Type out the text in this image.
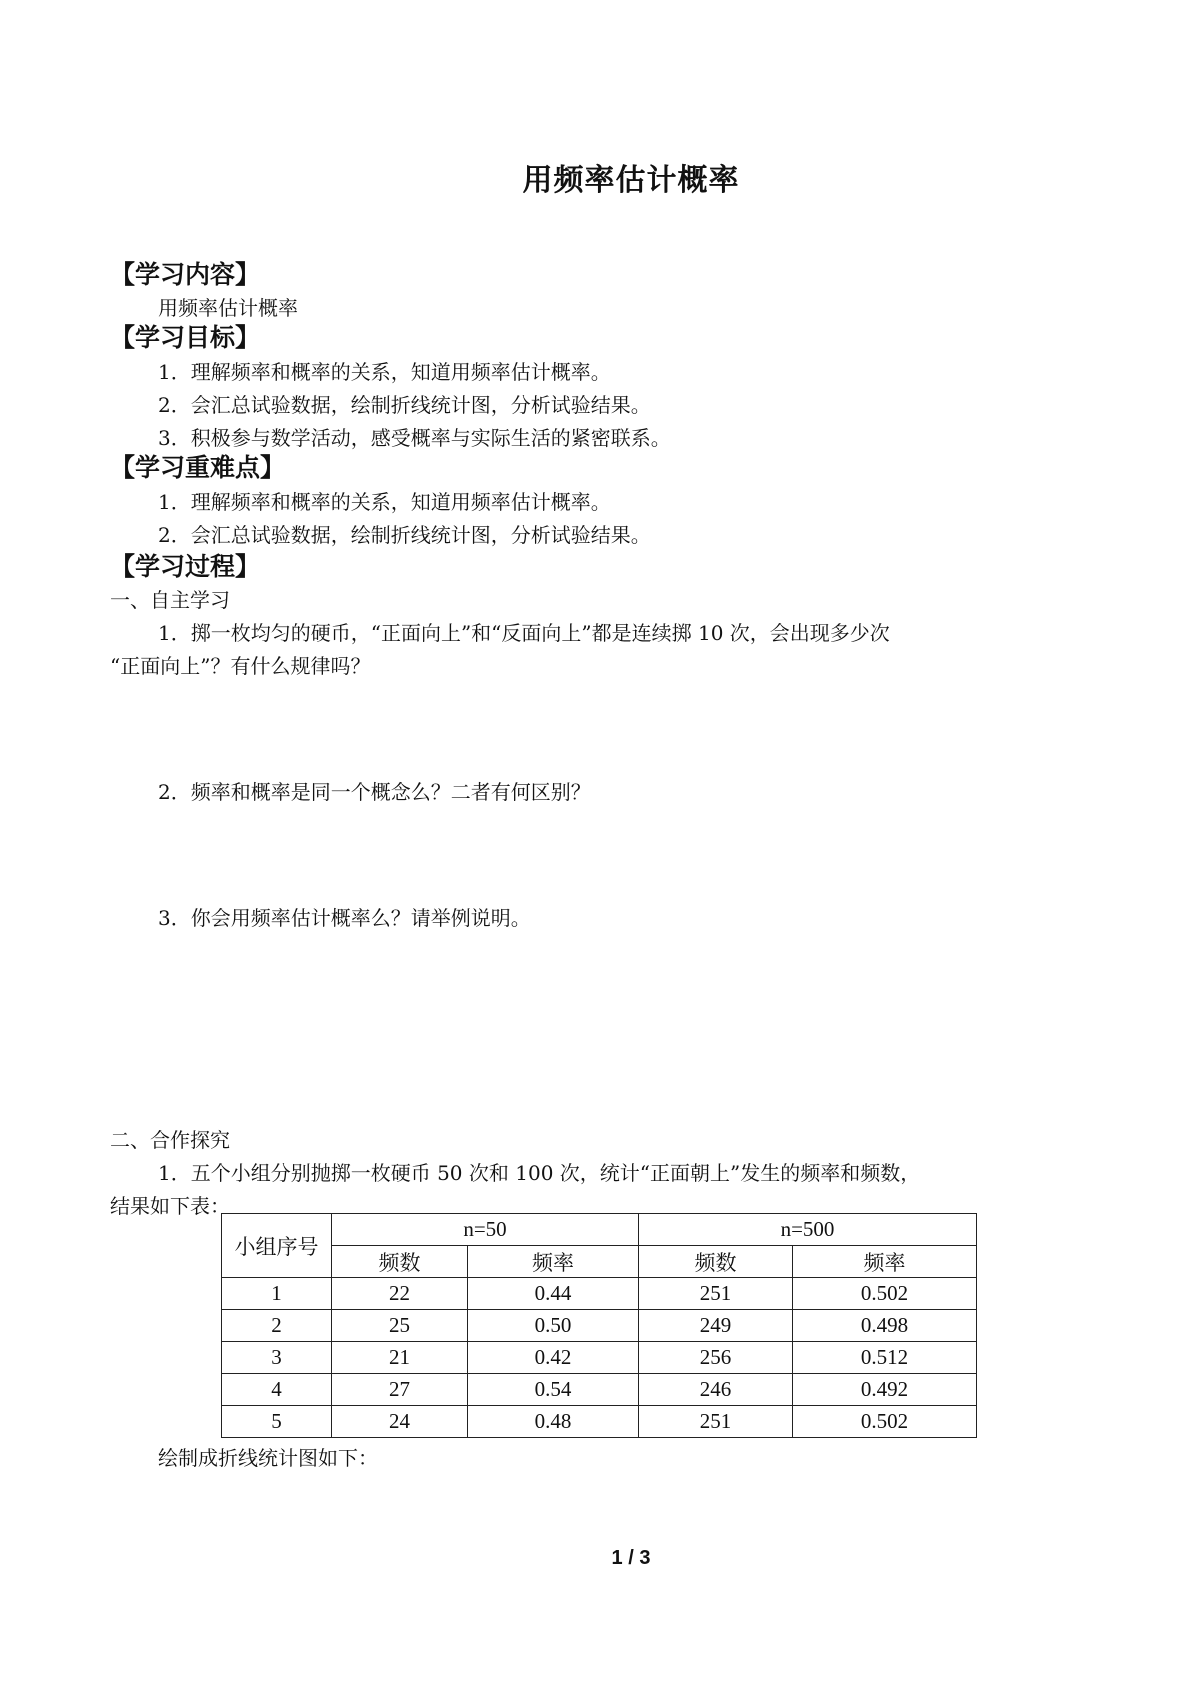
用频率估计概率
【学习内容】
用频率估计概率
【学习目标】
1．理解频率和概率的关系，知道用频率估计概率。
2．会汇总试验数据，绘制折线统计图，分析试验结果。
3．积极参与数学活动，感受概率与实际生活的紧密联系。
【学习重难点】
1．理解频率和概率的关系，知道用频率估计概率。
2．会汇总试验数据，绘制折线统计图，分析试验结果。
【学习过程】
一、自主学习
1．掷一枚均匀的硬币，“正面向上”和“反面向上”都是连续掷 10 次，会出现多少次
“正面向上”？有什么规律吗？
2．频率和概率是同一个概念么？二者有何区别？
3．你会用频率估计概率么？请举例说明。
二、合作探究
1．五个小组分别抛掷一枚硬币 50 次和 100 次，统计“正面朝上”发生的频率和频数，
结果如下表：
小组序号	n=50		n=500	
	频数	频率	频数	频率
1	22	0.44	251	0.502
2	25	0.50	249	0.498
3	21	0.42	256	0.512
4	27	0.54	246	0.492
5	24	0.48	251	0.502
绘制成折线统计图如下：
1 / 3
